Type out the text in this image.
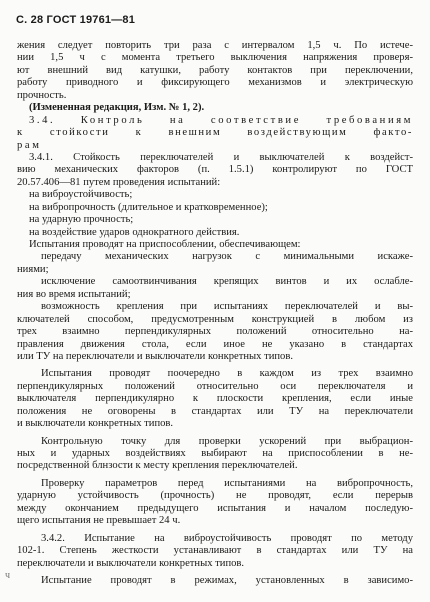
С. 28 ГОСТ 19761—81
жения следует повторить три раза с интервалом 1,5 ч. По истече-
нии 1,5 ч с момента третьего выключения напряжения проверя-
ют внешний вид катушки, работу контактов при переключении,
работу приводного и фиксирующего механизмов и электрическую
прочность.
(Измененная редакция, Изм. № 1, 2).
3.4. Контроль на соответствие требованиям
к стойкости к внешним воздействующим факто-
рам
3.4.1. Стойкость переключателей и выключателей к воздейст-
вию механических факторов (п. 1.5.1) контролируют по ГОСТ
20.57.406—81 путем проведения испытаний:
на виброустойчивость;
на вибропрочность (длительное и кратковременное);
на ударную прочность;
на воздействие ударов однократного действия.
Испытания проводят на приспособлении, обеспечивающем:
передачу механических нагрузок с минимальными искаже-
ниями;
исключение самоотвинчивания крепящих винтов и их ослабле-
ния во время испытаний;
возможность крепления при испытаниях переключателей и вы-
ключателей способом, предусмотренным конструкцией в любом из
трех взаимно перпендикулярных положений относительно на-
правления движения стола, если иное не указано в стандартах
или ТУ на переключатели и выключатели конкретных типов.
Испытания проводят поочередно в каждом из трех взаимно
перпендикулярных положений относительно оси переключателя и
выключателя перпендикулярно к плоскости крепления, если иные
положения не оговорены в стандартах или ТУ на переключатели
и выключатели конкретных типов.
Контрольную точку для проверки ускорений при выбрацион-
ных и ударных воздействиях выбирают на приспособлении в не-
посредственной блнзости к месту крепления переключателей.
Проверку параметров перед испытаниями на вибропрочность,
ударную устойчивость (прочность) не проводят, если перерыв
между окончанием предыдущего испытания и началом последую-
щего испытания не превышает 24 ч.
3.4.2. Испытание на виброустойчивость проводят по методу
102-1. Степень жесткости устанавливают в стандартах или ТУ на
переключатели и выключатели конкретных типов.
Испытание проводят в режимах, установленных в зависимо-
ч
